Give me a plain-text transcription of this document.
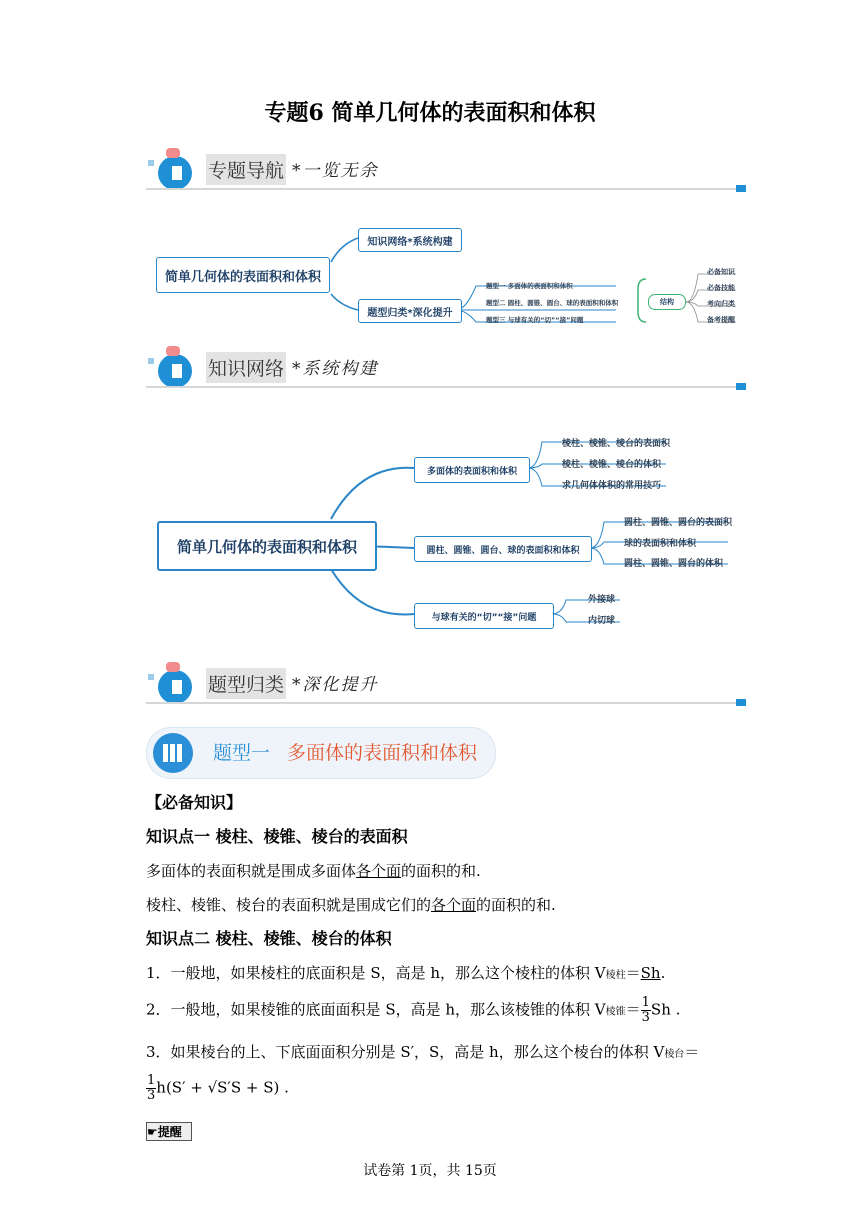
专题6 简单几何体的表面积和体积
专题导航 *一览无余
简单几何体的表面积和体积
知识网络*系统构建
题型归类*深化提升
题型一 多面体的表面积和体积
题型二 圆柱、圆锥、圆台、球的表面积和体积
题型三 与球有关的“切”“接”问题
结构
必备知识
必备技能
考向归类
备考提醒
知识网络 *系统构建
简单几何体的表面积和体积
多面体的表面积和体积
圆柱、圆锥、圆台、球的表面积和体积
与球有关的“切”“接”问题
棱柱、棱锥、棱台的表面积
棱柱、棱锥、棱台的体积
求几何体体积的常用技巧
圆柱、圆锥、圆台的表面积
球的表面积和体积
圆柱、圆锥、圆台的体积
外接球
内切球
题型归类 *深化提升
题型一 多面体的表面积和体积
【必备知识】
知识点一 棱柱、棱锥、棱台的表面积
多面体的表面积就是围成多面体各个面的面积的和.
棱柱、棱锥、棱台的表面积就是围成它们的各个面的面积的和.
知识点二 棱柱、棱锥、棱台的体积
1．一般地，如果棱柱的底面积是 S，高是 h，那么这个棱柱的体积 V棱柱＝Sh.
2．一般地，如果棱锥的底面面积是 S，高是 h，那么该棱锥的体积 V棱锥＝ $\frac{1}{3}$ Sh .
3．如果棱台的上、下底面面积分别是 S′，S，高是 h，那么这个棱台的体积 V棱台＝
$\frac{1}{3} h(S' + √S'S + S)$ .
☛提醒
试卷第 1页，共 15页
